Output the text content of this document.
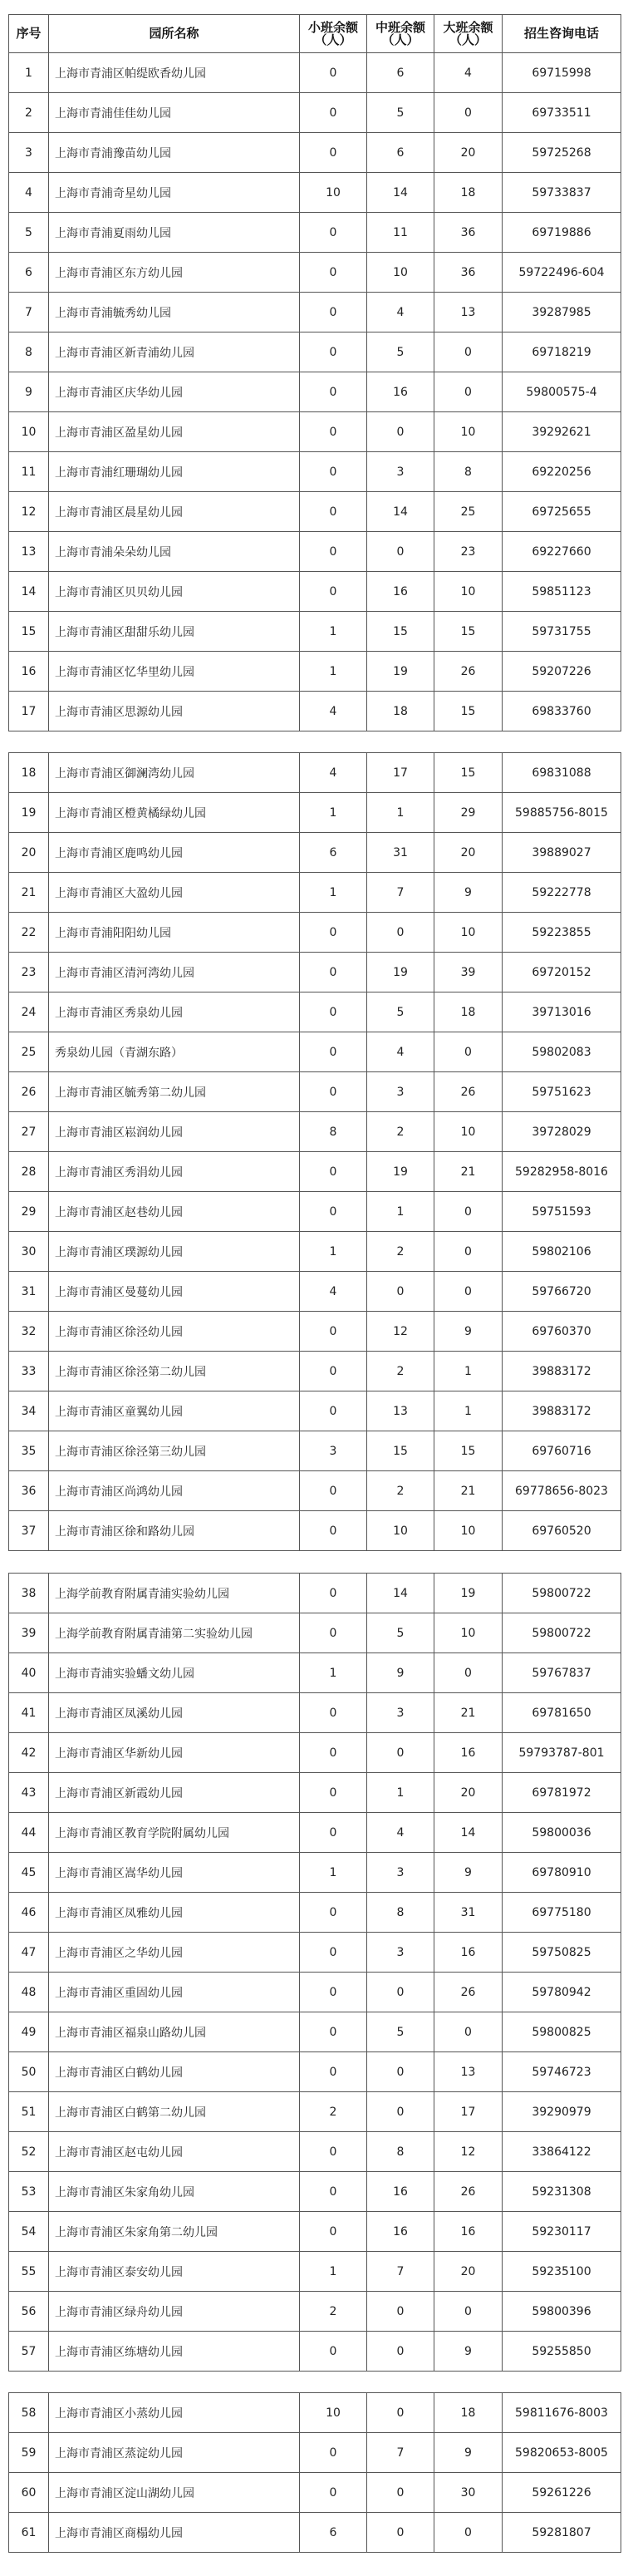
序号	园所名称	小班余额（人）	中班余额（人）	大班余额（人）	招生咨询电话
1	上海市青浦区帕缇欧香幼儿园	0	6	4	69715998
2	上海市青浦佳佳幼儿园	0	5	0	69733511
3	上海市青浦豫苗幼儿园	0	6	20	59725268
4	上海市青浦奇星幼儿园	10	14	18	59733837
5	上海市青浦夏雨幼儿园	0	11	36	69719886
6	上海市青浦区东方幼儿园	0	10	36	59722496-604
7	上海市青浦毓秀幼儿园	0	4	13	39287985
8	上海市青浦区新青浦幼儿园	0	5	0	69718219
9	上海市青浦区庆华幼儿园	0	16	0	59800575-4
10	上海市青浦区盈星幼儿园	0	0	10	39292621
11	上海市青浦红珊瑚幼儿园	0	3	8	69220256
12	上海市青浦区晨星幼儿园	0	14	25	69725655
13	上海市青浦朵朵幼儿园	0	0	23	69227660
14	上海市青浦区贝贝幼儿园	0	16	10	59851123
15	上海市青浦区甜甜乐幼儿园	1	15	15	59731755
16	上海市青浦区忆华里幼儿园	1	19	26	59207226
17	上海市青浦区思源幼儿园	4	18	15	69833760
18	上海市青浦区御澜湾幼儿园	4	17	15	69831088
19	上海市青浦区橙黄橘绿幼儿园	1	1	29	59885756-8015
20	上海市青浦区鹿鸣幼儿园	6	31	20	39889027
21	上海市青浦区大盈幼儿园	1	7	9	59222778
22	上海市青浦阳阳幼儿园	0	0	10	59223855
23	上海市青浦区清河湾幼儿园	0	19	39	69720152
24	上海市青浦区秀泉幼儿园	0	5	18	39713016
25	秀泉幼儿园（青湖东路）	0	4	0	59802083
26	上海市青浦区毓秀第二幼儿园	0	3	26	59751623
27	上海市青浦区崧润幼儿园	8	2	10	39728029
28	上海市青浦区秀涓幼儿园	0	19	21	59282958-8016
29	上海市青浦区赵巷幼儿园	0	1	0	59751593
30	上海市青浦区璞源幼儿园	1	2	0	59802106
31	上海市青浦区曼蔓幼儿园	4	0	0	59766720
32	上海市青浦区徐泾幼儿园	0	12	9	69760370
33	上海市青浦区徐泾第二幼儿园	0	2	1	39883172
34	上海市青浦区童翼幼儿园	0	13	1	39883172
35	上海市青浦区徐泾第三幼儿园	3	15	15	69760716
36	上海市青浦区尚鸿幼儿园	0	2	21	69778656-8023
37	上海市青浦区徐和路幼儿园	0	10	10	69760520
38	上海学前教育附属青浦实验幼儿园	0	14	19	59800722
39	上海学前教育附属青浦第二实验幼儿园	0	5	10	59800722
40	上海市青浦实验蟠文幼儿园	1	9	0	59767837
41	上海市青浦区凤溪幼儿园	0	3	21	69781650
42	上海市青浦区华新幼儿园	0	0	16	59793787-801
43	上海市青浦区新霞幼儿园	0	1	20	69781972
44	上海市青浦区教育学院附属幼儿园	0	4	14	59800036
45	上海市青浦区嵩华幼儿园	1	3	9	69780910
46	上海市青浦区凤雅幼儿园	0	8	31	69775180
47	上海市青浦区之华幼儿园	0	3	16	59750825
48	上海市青浦区重固幼儿园	0	0	26	59780942
49	上海市青浦区福泉山路幼儿园	0	5	0	59800825
50	上海市青浦区白鹤幼儿园	0	0	13	59746723
51	上海市青浦区白鹤第二幼儿园	2	0	17	39290979
52	上海市青浦区赵屯幼儿园	0	8	12	33864122
53	上海市青浦区朱家角幼儿园	0	16	26	59231308
54	上海市青浦区朱家角第二幼儿园	0	16	16	59230117
55	上海市青浦区泰安幼儿园	1	7	20	59235100
56	上海市青浦区绿舟幼儿园	2	0	0	59800396
57	上海市青浦区练塘幼儿园	0	0	9	59255850
58	上海市青浦区小蒸幼儿园	10	0	18	59811676-8003
59	上海市青浦区蒸淀幼儿园	0	7	9	59820653-8005
60	上海市青浦区淀山湖幼儿园	0	0	30	59261226
61	上海市青浦区商榻幼儿园	6	0	0	59281807
